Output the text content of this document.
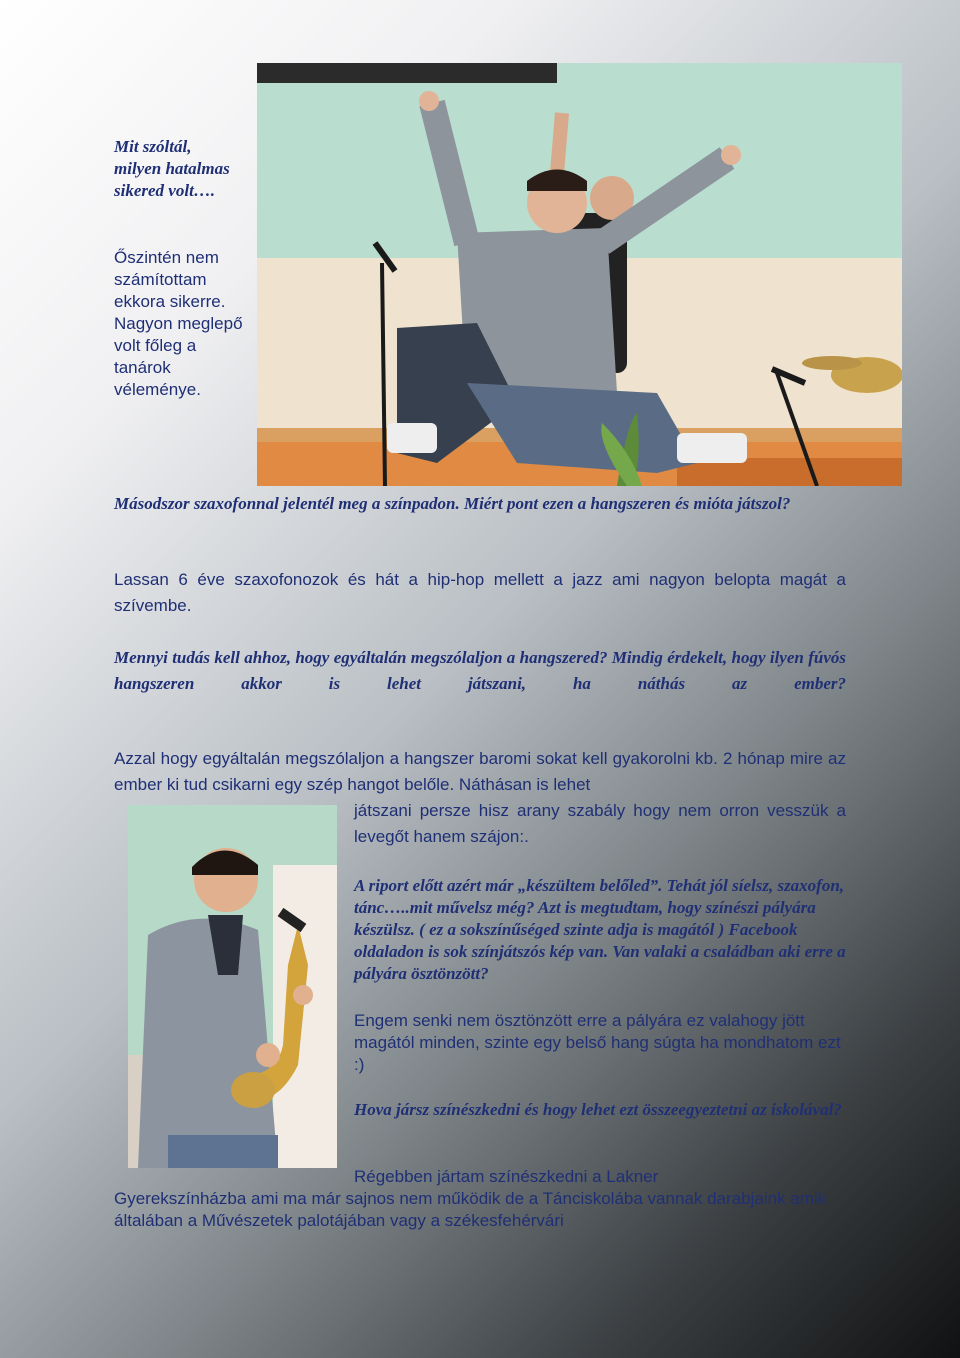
Mit szóltál, milyen hatalmas sikered volt….
Őszintén nem számítottam ekkora sikerre. Nagyon meglepő volt főleg a tanárok véleménye.
Másodszor szaxofonnal jelentél meg a színpadon. Miért pont ezen a hangszeren és mióta játszol?
Lassan 6 éve szaxofonozok és hát a hip-hop mellett a jazz ami nagyon belopta magát a szívembe.
Mennyi tudás kell ahhoz, hogy egyáltalán megszólaljon a hangszered? Mindig érdekelt, hogy ilyen fúvós hangszeren akkor is lehet játszani, ha náthás az ember?
Azzal hogy egyáltalán megszólaljon a hangszer baromi sokat kell gyakorolni kb. 2 hónap mire az ember ki tud csikarni egy szép hangot belőle. Náthásan is lehet
játszani persze hisz arany szabály hogy nem orron vesszük a levegőt hanem szájon:.
A riport előtt azért már „készültem belőled”. Tehát jól síelsz, szaxofon, tánc…..mit művelsz még? Azt is megtudtam, hogy színészi pályára készülsz. ( ez a sokszínűséged szinte adja is magától ) Facebook oldaladon is sok színjátszós kép van. Van valaki a családban aki erre a pályára ösztönzött?
Engem senki nem ösztönzött erre a pályára ez valahogy jött magától minden, szinte egy belső hang súgta ha mondhatom ezt :)
Hova jársz színészkedni és hogy lehet ezt összeegyeztetni az iskolával?
Régebben jártam színészkedni a Lakner
Gyerekszínházba ami ma már sajnos nem működik de a Tánciskolába vannak darabjaink amik általában a Művészetek palotájában vagy a székesfehérvári
